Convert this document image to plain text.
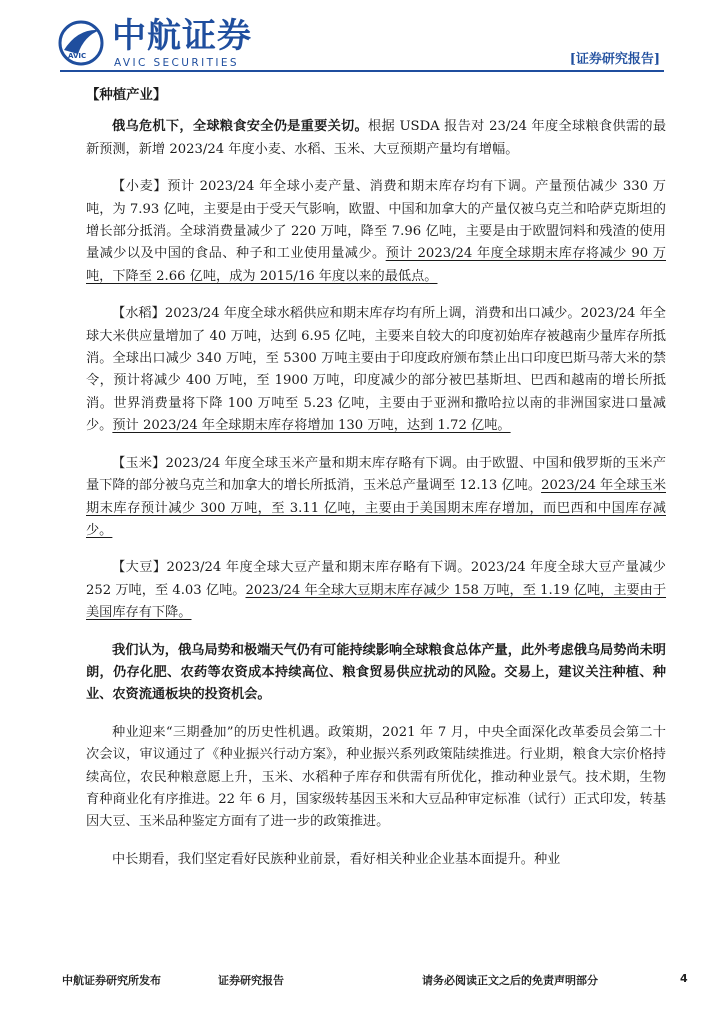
AVIC 中航证券
AVIC SECURITIES	[证券研究报告]

【种植产业】

俄乌危机下，全球粮食安全仍是重要关切。根据 USDA 报告对 23/24 年度全球粮食供需的最新预测，新增 2023/24 年度小麦、水稻、玉米、大豆预期产量均有增幅。

【小麦】预计 2023/24 年全球小麦产量、消费和期末库存均有下调。产量预估减少 330 万吨，为 7.93 亿吨，主要是由于受天气影响，欧盟、中国和加拿大的产量仅被乌克兰和哈萨克斯坦的增长部分抵消。全球消费量减少了 220 万吨，降至 7.96 亿吨，主要是由于欧盟饲料和残渣的使用量减少以及中国的食品、种子和工业使用量减少。预计 2023/24 年度全球期末库存将减少 90 万吨，下降至 2.66 亿吨，成为 2015/16 年度以来的最低点。

【水稻】2023/24 年度全球水稻供应和期末库存均有所上调，消费和出口减少。2023/24 年全球大米供应量增加了 40 万吨，达到 6.95 亿吨，主要来自较大的印度初始库存被越南少量库存所抵消。全球出口减少 340 万吨，至 5300 万吨主要由于印度政府颁布禁止出口印度巴斯马蒂大米的禁令，预计将减少 400 万吨，至 1900 万吨，印度减少的部分被巴基斯坦、巴西和越南的增长所抵消。世界消费量将下降 100 万吨至 5.23 亿吨，主要由于亚洲和撒哈拉以南的非洲国家进口量减少。预计 2023/24 年全球期末库存将增加 130 万吨，达到 1.72 亿吨。

【玉米】2023/24 年度全球玉米产量和期末库存略有下调。由于欧盟、中国和俄罗斯的玉米产量下降的部分被乌克兰和加拿大的增长所抵消，玉米总产量调至 12.13 亿吨。2023/24 年全球玉米期末库存预计减少 300 万吨，至 3.11 亿吨，主要由于美国期末库存增加，而巴西和中国库存减少。

【大豆】2023/24 年度全球大豆产量和期末库存略有下调。2023/24 年度全球大豆产量减少 252 万吨，至 4.03 亿吨。2023/24 年全球大豆期末库存减少 158 万吨，至 1.19 亿吨，主要由于美国库存有下降。

我们认为，俄乌局势和极端天气仍有可能持续影响全球粮食总体产量，此外考虑俄乌局势尚未明朗，仍存化肥、农药等农资成本持续高位、粮食贸易供应扰动的风险。交易上，建议关注种植、种业、农资流通板块的投资机会。

种业迎来“三期叠加”的历史性机遇。政策期，2021 年 7 月，中央全面深化改革委员会第二十次会议，审议通过了《种业振兴行动方案》，种业振兴系列政策陆续推进。行业期，粮食大宗价格持续高位，农民种粮意愿上升，玉米、水稻种子库存和供需有所优化，推动种业景气。技术期，生物育种商业化有序推进。22 年 6 月，国家级转基因玉米和大豆品种审定标准（试行）正式印发，转基因大豆、玉米品种鉴定方面有了进一步的政策推进。

中长期看，我们坚定看好民族种业前景，看好相关种业企业基本面提升。种业

中航证券研究所发布	证券研究报告	请务必阅读正文之后的免责声明部分	4
